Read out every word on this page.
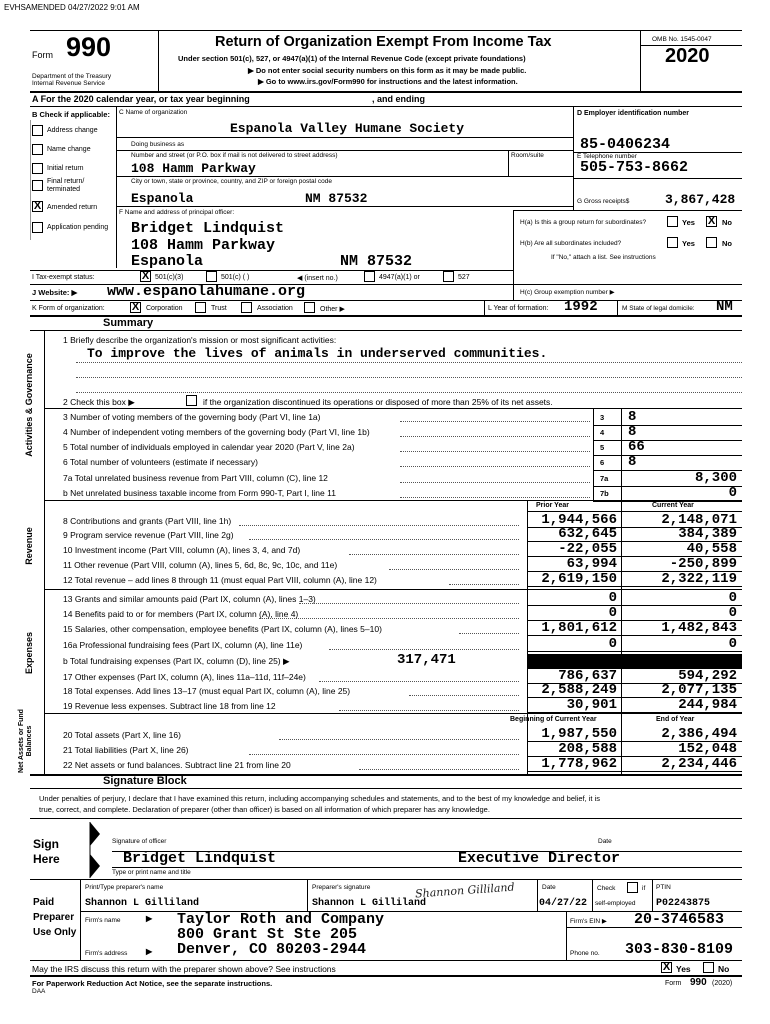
EVHSAMENDED 04/27/2022 9:01 AM
Form 990
Department of the Treasury
Internal Revenue Service
Return of Organization Exempt From Income Tax
Under section 501(c), 527, or 4947(a)(1) of the Internal Revenue Code (except private foundations)
▶ Do not enter social security numbers on this form as it may be made public.
▶ Go to www.irs.gov/Form990 for instructions and the latest information.
OMB No. 1545-0047
2020
A For the 2020 calendar year, or tax year beginning	, and ending
B Check if applicable:
Address change
Name change
Initial return
Final return/ terminated
X Amended return
Application pending
C Name of organization
Espanola Valley Humane Society
Doing business as
Number and street (or P.O. box if mail is not delivered to street address)	Room/suite
108 Hamm Parkway
City or town, state or province, country, and ZIP or foreign postal code
Espanola	NM 87532
D Employer identification number
85-0406234
E Telephone number
505-753-8662
G Gross receipts$	3,867,428
F Name and address of principal officer:
Bridget Lindquist
108 Hamm Parkway
Espanola	NM 87532
H(a) Is this a group return for subordinates?	Yes X No
H(b) Are all subordinates included?	Yes	No
If "No," attach a list. See instructions
I Tax-exempt status:	X 501(c)(3)	501(c) ( )	◀ (insert no.)	4947(a)(1) or	527
J Website: ▶ www.espanolahumane.org	H(c) Group exemption number ▶
K Form of organization: X Corporation	Trust	Association	Other ▶	L Year of formation: 1992	M State of legal domicile: NM
Summary
Activities & Governance
Revenue
Expenses
Net Assets or Fund Balances
1 Briefly describe the organization's mission or most significant activities:
To improve the lives of animals in underserved communities.
2 Check this box ▶	if the organization discontinued its operations or disposed of more than 25% of its net assets.
3 Number of voting members of the governing body (Part VI, line 1a)	3 8
4 Number of independent voting members of the governing body (Part VI, line 1b)	4 8
5 Total number of individuals employed in calendar year 2020 (Part V, line 2a)	5 66
6 Total number of volunteers (estimate if necessary)	6 8
7a Total unrelated business revenue from Part VIII, column (C), line 12	7a	8,300
b Net unrelated business taxable income from Form 990-T, Part I, line 11	7b	0
Prior Year	Current Year
8 Contributions and grants (Part VIII, line 1h)	1,944,566	2,148,071
9 Program service revenue (Part VIII, line 2g)	632,645	384,389
10 Investment income (Part VIII, column (A), lines 3, 4, and 7d)	-22,055	40,558
11 Other revenue (Part VIII, column (A), lines 5, 6d, 8c, 9c, 10c, and 11e)	63,994	-250,899
12 Total revenue – add lines 8 through 11 (must equal Part VIII, column (A), line 12)	2,619,150	2,322,119
13 Grants and similar amounts paid (Part IX, column (A), lines 1–3)	0	0
14 Benefits paid to or for members (Part IX, column (A), line 4)	0	0
15 Salaries, other compensation, employee benefits (Part IX, column (A), lines 5–10)	1,801,612	1,482,843
16a Professional fundraising fees (Part IX, column (A), line 11e)	0	0
b Total fundraising expenses (Part IX, column (D), line 25) ▶	317,471
17 Other expenses (Part IX, column (A), lines 11a–11d, 11f–24e)	786,637	594,292
18 Total expenses. Add lines 13–17 (must equal Part IX, column (A), line 25)	2,588,249	2,077,135
19 Revenue less expenses. Subtract line 18 from line 12	30,901	244,984
Beginning of Current Year	End of Year
20 Total assets (Part X, line 16)	1,987,550	2,386,494
21 Total liabilities (Part X, line 26)	208,588	152,048
22 Net assets or fund balances. Subtract line 21 from line 20	1,778,962	2,234,446
Signature Block
Under penalties of perjury, I declare that I have examined this return, including accompanying schedules and statements, and to the best of my knowledge and belief, it is
true, correct, and complete. Declaration of preparer (other than officer) is based on all information of which preparer has any knowledge.
Sign
Here
Signature of officer	Date
Bridget Lindquist	Executive Director
Type or print name and title
Paid
Preparer
Use Only
Print/Type preparer's name	Preparer's signature	Date	Check	if PTIN
Shannon L Gilliland	Shannon L Gilliland
Shannon Gilliland
04/27/22 self-employed P02243875
Firm's name	▶ Taylor Roth and Company	Firm's EIN ▶ 20-3746583
800 Grant St Ste 205
Firm's address ▶ Denver, CO 80203-2944	Phone no. 303-830-8109
May the IRS discuss this return with the preparer shown above? See instructions	X Yes	No
For Paperwork Reduction Act Notice, see the separate instructions.
DAA
Form 990 (2020)
